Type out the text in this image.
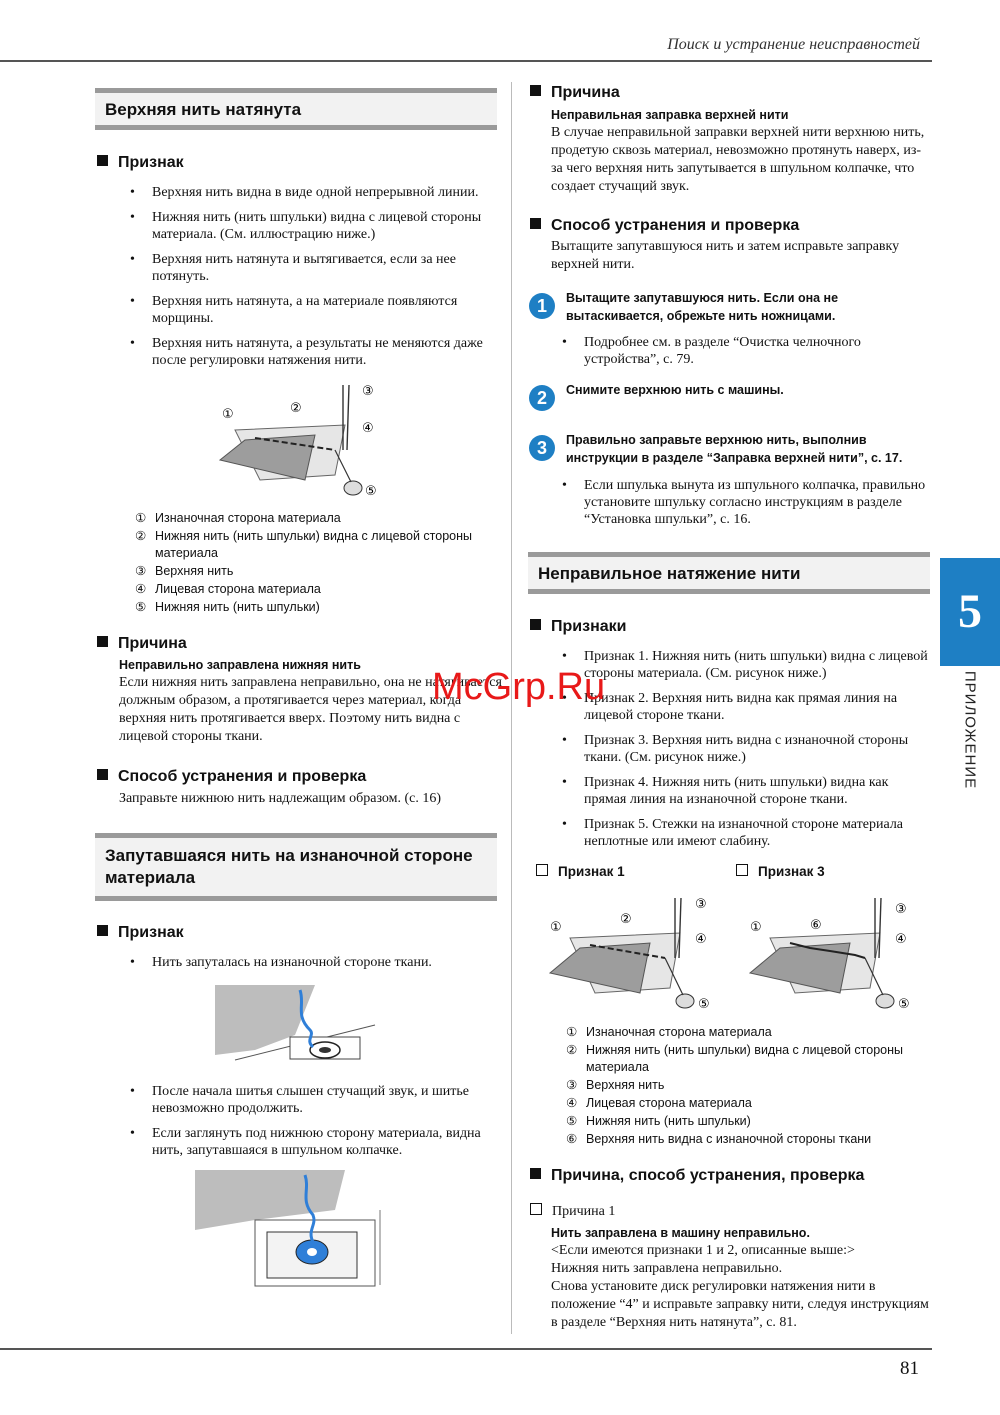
Поиск и устранение неисправностей
Верхняя нить натянута
Признак
• Верхняя нить видна в виде одной непрерывной линии.
• Нижняя нить (нить шпульки) видна с лицевой стороны материала. (См. иллюстрацию ниже.)
• Верхняя нить натянута и вытягивается, если за нее потянуть.
• Верхняя нить натянута, а на материале появляются морщины.
• Верхняя нить натянута, а результаты не меняются даже после регулировки натяжения нити.
①	②
③
④
⑤
① Изнаночная сторона материала
② Нижняя нить (нить шпульки) видна с лицевой стороны материала
③ Верхняя нить
④ Лицевая сторона материала
⑤ Нижняя нить (нить шпульки)
Причина
Неправильно заправлена нижняя нить
Если нижняя нить заправлена неправильно, она не натягивается должным образом, а протягивается через материал, когда верхняя нить протягивается вверх. Поэтому нить видна с лицевой стороны ткани.
Способ устранения и проверка
Заправьте нижнюю нить надлежащим образом. (с. 16)
Запутавшаяся нить на изнаночной стороне материала
Признак
• Нить запуталась на изнаночной стороне ткани.
• После начала шитья слышен стучащий звук, и шитье невозможно продолжить.
• Если заглянуть под нижнюю сторону материала, видна нить, запутавшаяся в шпульном колпачке.
Причина
Неправильная заправка верхней нити
В случае неправильной заправки верхней нити верхнюю нить, продетую сквозь материал, невозможно протянуть наверх, из-за чего верхняя нить запутывается в шпульном колпачке, что создает стучащий звук.
Способ устранения и проверка
Вытащите запутавшуюся нить и затем исправьте заправку верхней нити.
1	Вытащите запутавшуюся нить. Если она не вытаскивается, обрежьте нить ножницами.
• Подробнее см. в разделе “Очистка челночного устройства”, с. 79.
2	Снимите верхнюю нить с машины.
3	Правильно заправьте верхнюю нить, выполнив инструкции в разделе “Заправка верхней нити”, с. 17.
• Если шпулька вынута из шпульного колпачка, правильно установите шпульку согласно инструкциям в разделе “Установка шпульки”, с. 16.
Неправильное натяжение нити
Признаки
• Признак 1. Нижняя нить (нить шпульки) видна с лицевой стороны материала. (См. рисунок ниже.)
• Признак 2. Верхняя нить видна как прямая линия на лицевой стороне ткани.
• Признак 3. Верхняя нить видна с изнаночной стороны ткани. (См. рисунок ниже.)
• Признак 4. Нижняя нить (нить шпульки) видна как прямая линия на изнаночной стороне ткани.
• Признак 5. Стежки на изнаночной стороне материала неплотные или имеют слабину.
Признак 1	Признак 3
①
②
③
④
⑤
①	⑥
③
④
⑤
① Изнаночная сторона материала
② Нижняя нить (нить шпульки) видна с лицевой стороны материала
③ Верхняя нить
④ Лицевая сторона материала
⑤ Нижняя нить (нить шпульки)
⑥ Верхняя нить видна с изнаночной стороны ткани
Причина, способ устранения, проверка
Причина 1
Нить заправлена в машину неправильно.
<Если имеются признаки 1 и 2, описанные выше:>
Нижняя нить заправлена неправильно.
Снова установите диск регулировки натяжения нити в положение “4” и исправьте заправку нити, следуя инструкциям в разделе “Верхняя нить натянута”, с. 81.
5
ПРИЛОЖЕНИЕ
McGrp.Ru
81
